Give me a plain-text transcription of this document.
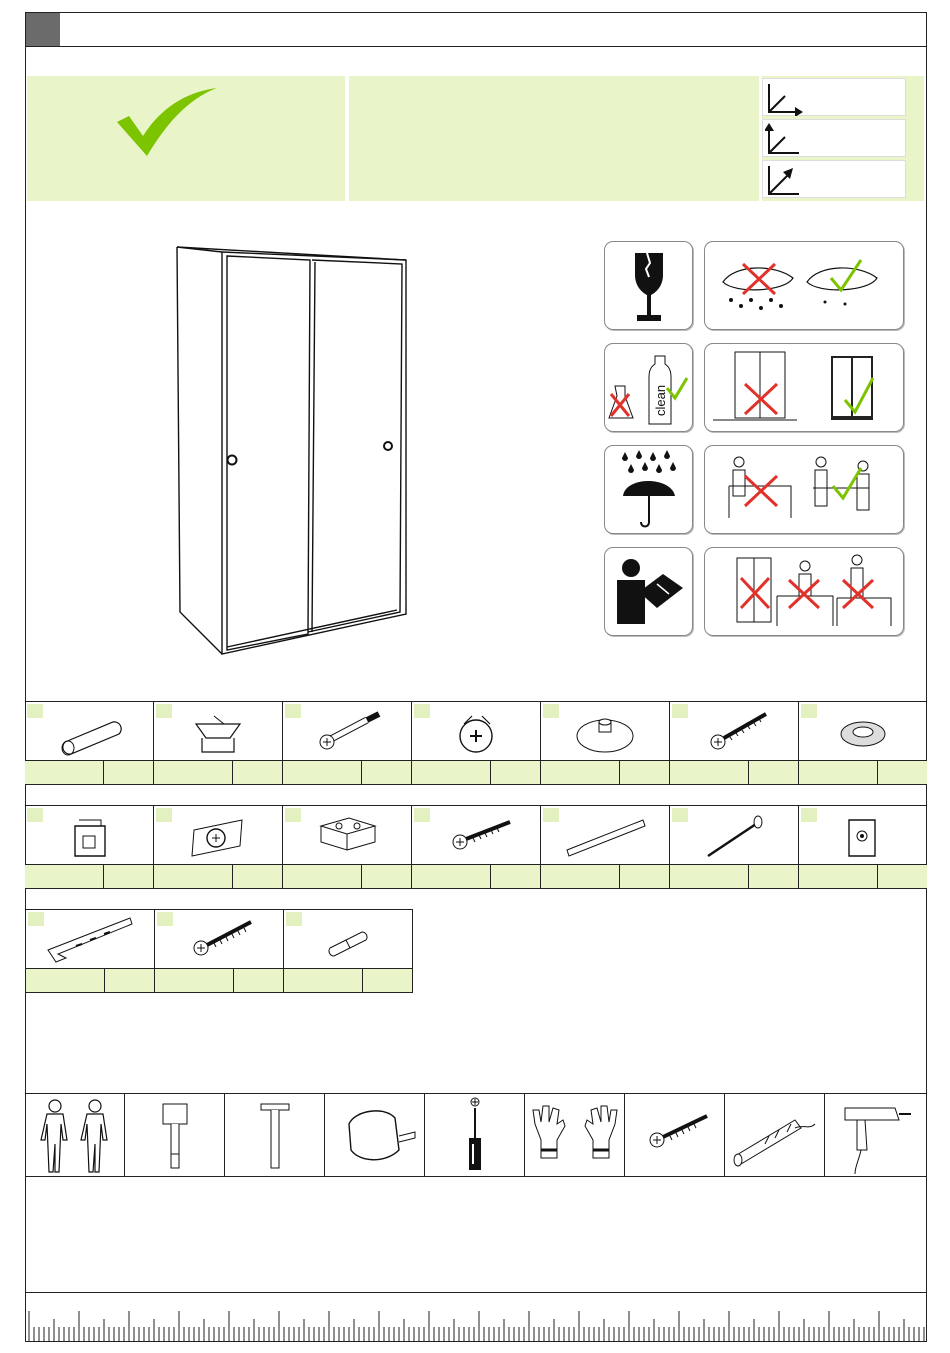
clean
